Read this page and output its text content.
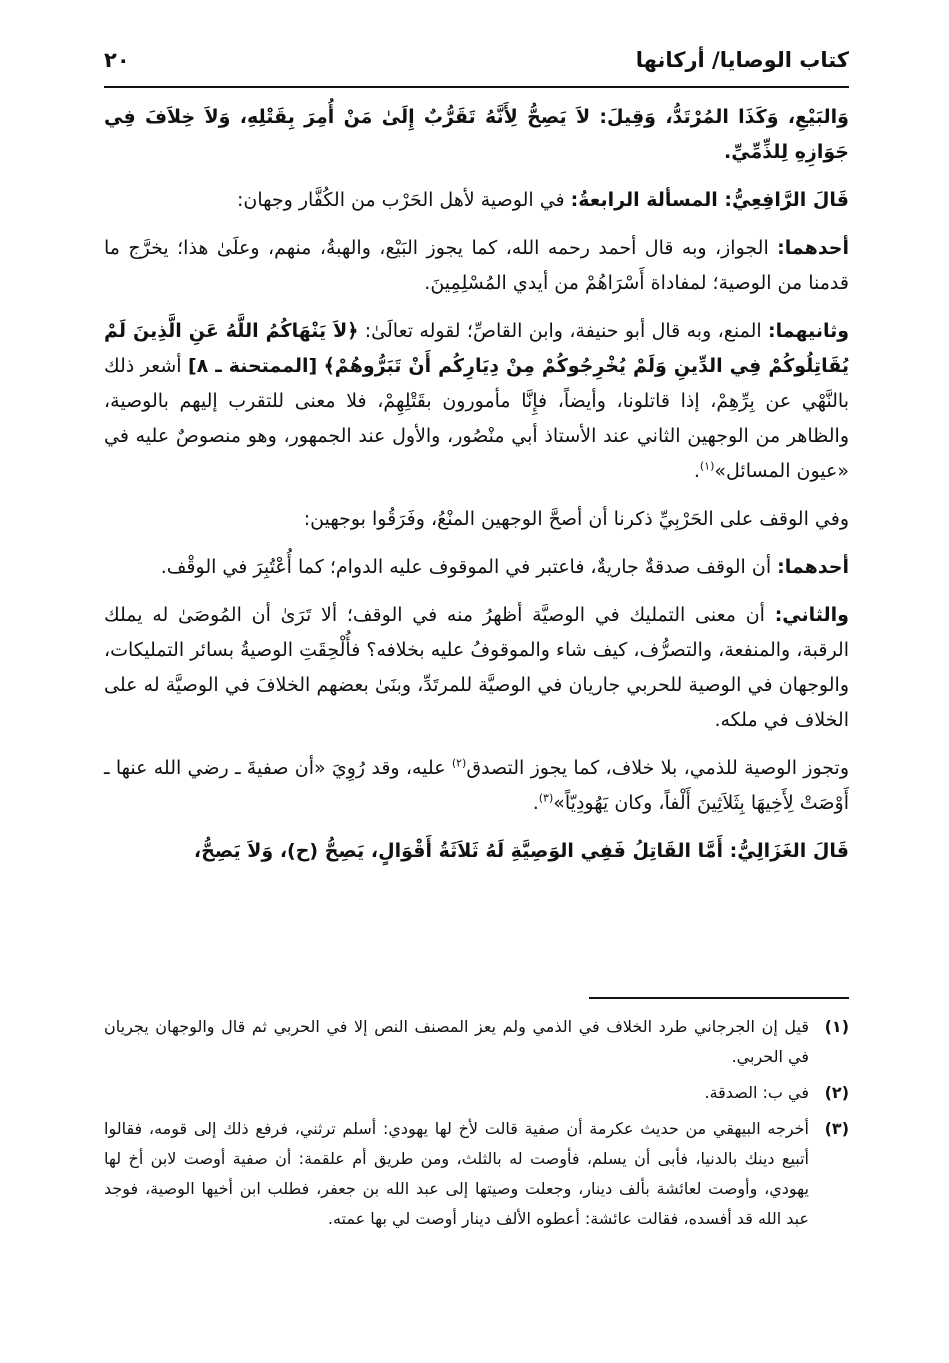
كتاب الوصايا/ أركانها
٢٠

وَالبَيْعِ، وَكَذَا المُرْتَدُّ، وَقِيلَ: لاَ يَصِحُّ لِأَنَّهُ تَقَرُّبٌ إِلَىٰ مَنْ أُمِرَ بِقَتْلِهِ، وَلاَ خِلاَفَ فِي جَوَازِهِ لِلذِّمِّيِّ.

قَالَ الرَّافِعِيُّ: المسألة الرابعةُ: في الوصية لأهل الحَرْب من الكُفَّار وجهان:

أحدهما: الجواز، وبه قال أحمد رحمه الله، كما يجوز البَيْع، والهبةُ، منهم، وعلَىٰ هذا؛ يخرَّج ما قدمنا من الوصية؛ لمفاداة أَسْرَاهُمْ من أيدي المُسْلِمِينَ.

وثانيهما: المنع، وبه قال أبو حنيفة، وابن القاصِّ؛ لقوله تعالَىٰ: ﴿لاَ يَنْهَاكُمُ اللَّهُ عَنِ الَّذِينَ لَمْ يُقَاتِلُوكُمْ فِي الدِّينِ وَلَمْ يُخْرِجُوكُمْ مِنْ دِيَارِكُم أَنْ تَبَرُّوهُمْ﴾ [الممتحنة ـ ٨] أشعر ذلك بالنَّهْي عن بِرِّهِمْ، إذا قاتلونا، وأيضاً، فإِنَّا مأمورون بقَتْلِهِمْ، فلا معنى للتقرب إليهم بالوصية، والظاهر من الوجهين الثاني عند الأستاذ أبي منْصُور، والأول عند الجمهور، وهو منصوصٌ عليه في «عيون المسائل»$^{(١)}$.

وفي الوقف على الحَرْبِيِّ ذكرنا أن أصحَّ الوجهين المنْعُ، وفَرَقُوا بوجهين:

أحدهما: أن الوقف صدقةٌ جاريةٌ، فاعتبر في الموقوف عليه الدوام؛ كما أُعْتُبِرَ في الوقْف.

والثاني: أن معنى التمليك في الوصيَّة أظهرُ منه في الوقف؛ ألا تَرَىٰ أن المُوصَىٰ له يملك الرقبة، والمنفعة، والتصرُّف، كيف شاء والموقوفُ عليه بخلافه؟ فأُلْحِقَتِ الوصيةُ بسائر التمليكات، والوجهان في الوصية للحربي جاريان في الوصيَّة للمرتَدِّ، وبنَىٰ بعضهم الخلافَ في الوصيَّة له على الخلاف في ملكه.

وتجوز الوصية للذمي، بلا خلاف، كما يجوز التصدق$^{(٢)}$ عليه، وقد رُوِيَ «أن صفيةَ ـ رضي الله عنها ـ أَوْصَتْ لِأَخِيهَا بِثَلاَثِينَ أَلْفاً، وكان يَهُودِيّاً»$^{(٣)}$.

قَالَ الغَزَالِيُّ: أَمَّا القَاتِلُ فَفِي الوَصِيَّةِ لَهُ ثَلاَثَةُ أَقْوَالٍ، يَصِحُّ (ح)، وَلاَ يَصِحُّ،

(١)
قيل إن الجرجاني طرد الخلاف في الذمي ولم يعز المصنف النص إلا في الحربي ثم قال والوجهان يجريان في الحربي.
(٢)
في ب: الصدقة.
(٣)
أخرجه البيهقي من حديث عكرمة أن صفية قالت لأخ لها يهودي: أسلم ترثني، فرفع ذلك إلى قومه، فقالوا أتبيع دينك بالدنيا، فأبى أن يسلم، فأوصت له بالثلث، ومن طريق أم علقمة: أن صفية أوصت لابن أخ لها يهودي، وأوصت لعائشة بألف دينار، وجعلت وصيتها إلى عبد الله بن جعفر، فطلب ابن أخيها الوصية، فوجد عبد الله قد أفسده، فقالت عائشة: أعطوه الألف دينار أوصت لي بها عمته.
